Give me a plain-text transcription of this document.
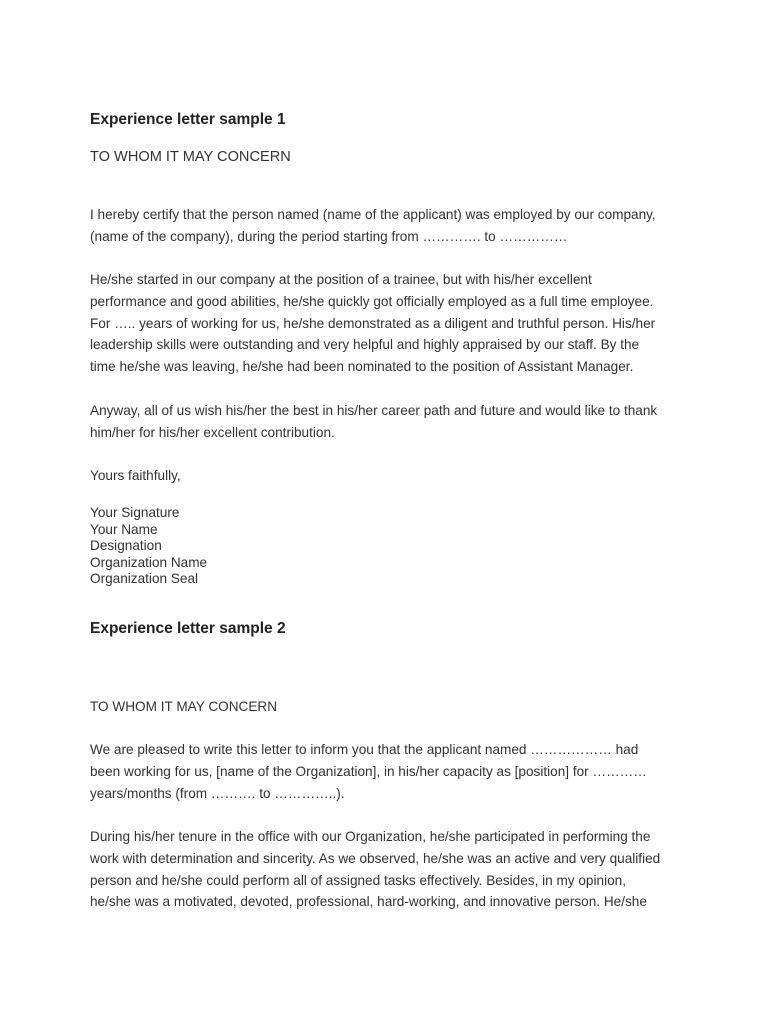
Experience letter sample 1
TO WHOM IT MAY CONCERN
I hereby certify that the person named (name of the applicant) was employed by our company,
(name of the company), during the period starting from …………. to ……………
He/she started in our company at the position of a trainee, but with his/her excellent
performance and good abilities, he/she quickly got officially employed as a full time employee.
For ….. years of working for us, he/she demonstrated as a diligent and truthful person. His/her
leadership skills were outstanding and very helpful and highly appraised by our staff. By the
time he/she was leaving, he/she had been nominated to the position of Assistant Manager.
Anyway, all of us wish his/her the best in his/her career path and future and would like to thank
him/her for his/her excellent contribution.
Yours faithfully,
Your Signature
Your Name
Designation
Organization Name
Organization Seal
Experience letter sample 2
TO WHOM IT MAY CONCERN
We are pleased to write this letter to inform you that the applicant named ……………… had
been working for us, [name of the Organization], in his/her capacity as [position] for …………
years/months (from ………. to …………..).
During his/her tenure in the office with our Organization, he/she participated in performing the
work with determination and sincerity. As we observed, he/she was an active and very qualified
person and he/she could perform all of assigned tasks effectively. Besides, in my opinion,
he/she was a motivated, devoted, professional, hard-working, and innovative person. He/she
